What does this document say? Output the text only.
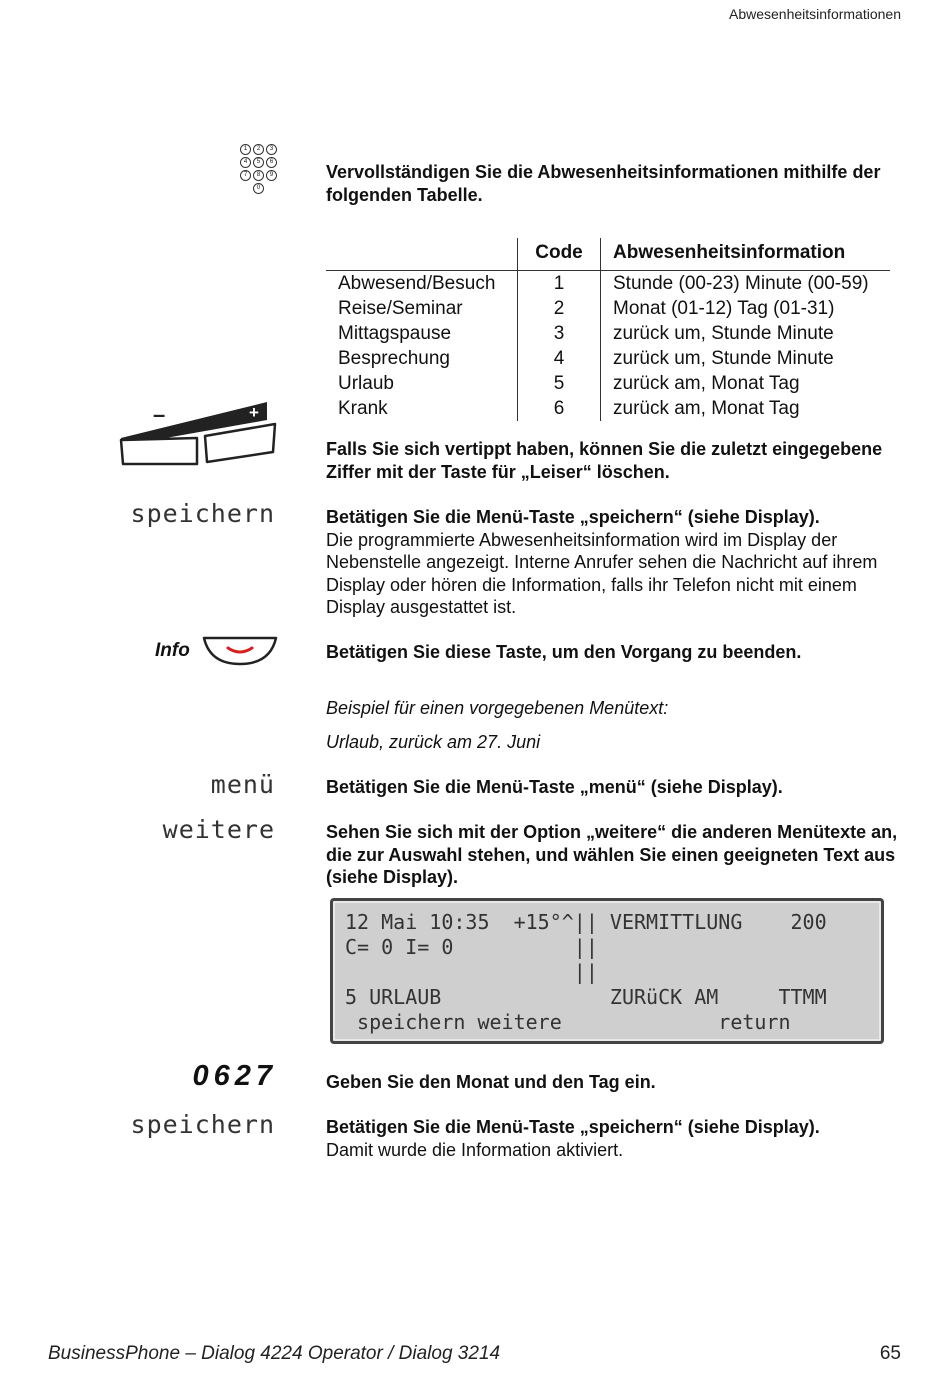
Abwesenheitsinformationen
1	2	3
4	5	6
7	8	9
0
Vervollständigen Sie die Abwesenheitsinformationen mithilfe der folgenden Tabelle.
	Code	Abwesenheitsinformation
Abwesend/Besuch	1	Stunde (00-23) Minute (00-59)
Reise/Seminar	2	Monat (01-12) Tag (01-31)
Mittagspause	3	zurück um, Stunde Minute
Besprechung	4	zurück um, Stunde Minute
Urlaub	5	zurück am, Monat Tag
Krank	6	zurück am, Monat Tag
–	+
Falls Sie sich vertippt haben, können Sie die zuletzt eingegebene Ziffer mit der Taste für „Leiser“ löschen.
speichern	Betätigen Sie die Menü-Taste „speichern“ (siehe Display).
Die programmierte Abwesenheitsinformation wird im Display der Nebenstelle angezeigt. Interne Anrufer sehen die Nachricht auf ihrem Display oder hören die Information, falls ihr Telefon nicht mit einem Display ausgestattet ist.
Info	Betätigen Sie diese Taste, um den Vorgang zu beenden.
Beispiel für einen vorgegebenen Menütext:
Urlaub, zurück am 27. Juni
menü	Betätigen Sie die Menü-Taste „menü“ (siehe Display).
weitere	Sehen Sie sich mit der Option „weitere“ die anderen Menütexte an, die zur Auswahl stehen, und wählen Sie einen geeigneten Text aus (siehe Display).
12 Mai 10:35  +15°^|| VERMITTLUNG    200
C= 0 I= 0          ||
||
5 URLAUB              ZURüCK AM     TTMM
speichern weitere             return
0627	Geben Sie den Monat und den Tag ein.
speichern	Betätigen Sie die Menü-Taste „speichern“ (siehe Display).
Damit wurde die Information aktiviert.
BusinessPhone – Dialog 4224 Operator / Dialog 3214	65
